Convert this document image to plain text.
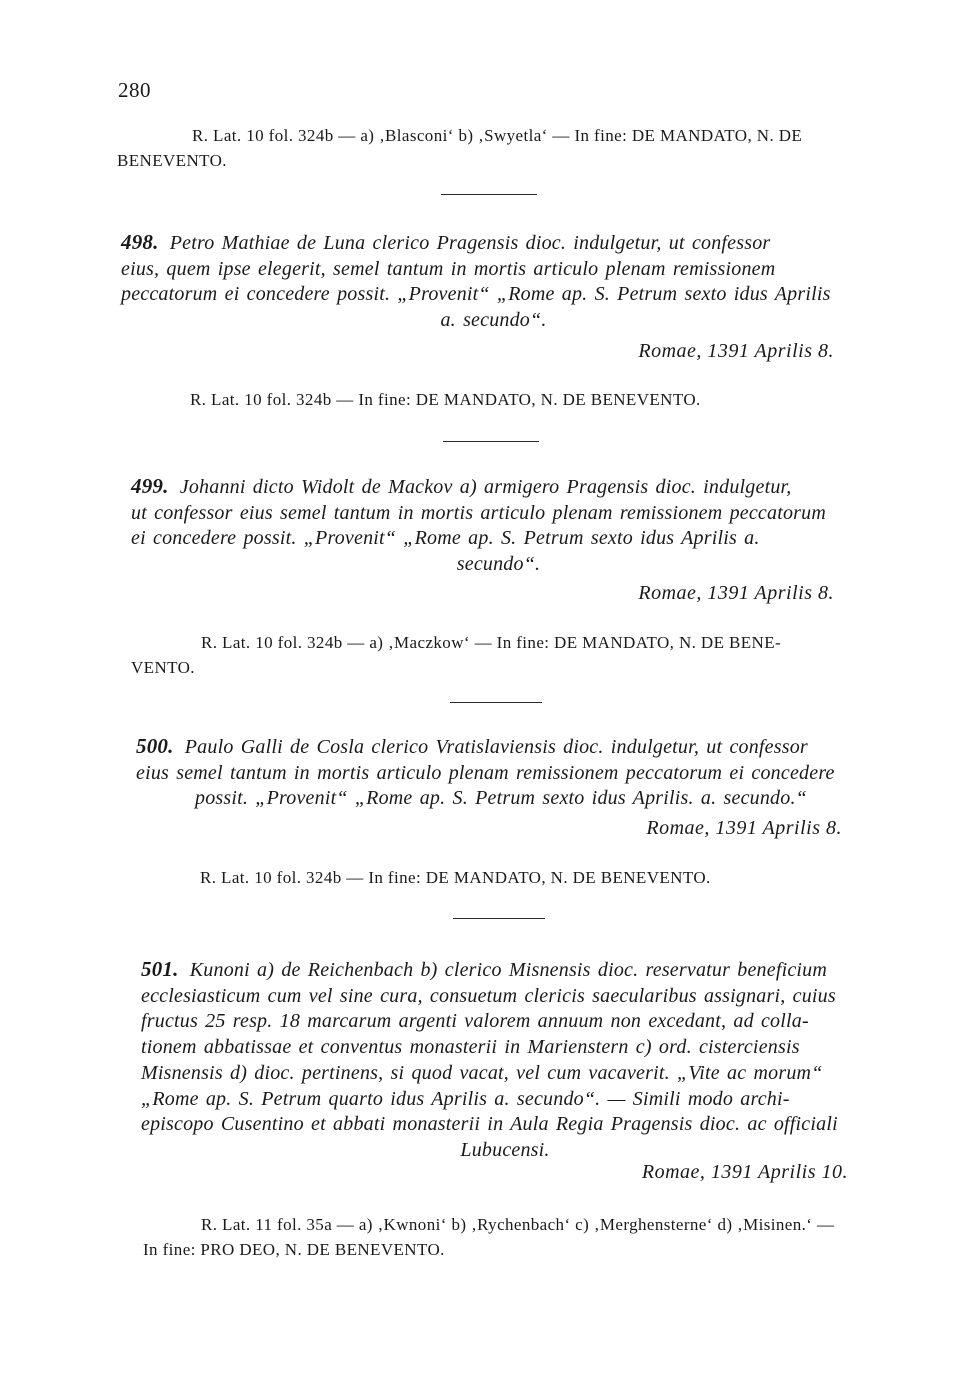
280
R. Lat. 10 fol. 324b — a) ‚Blasconi‘ b) ‚Swyetla‘ — In fine: DE MANDATO, N. DE
BENEVENTO.
498. Petro Mathiae de Luna clerico Pragensis dioc. indulgetur, ut confessor
eius, quem ipse elegerit, semel tantum in mortis articulo plenam remissionem
peccatorum ei concedere possit. „Provenit“ „Rome ap. S. Petrum sexto idus Aprilis
a. secundo“.
Romae, 1391 Aprilis 8.
R. Lat. 10 fol. 324b — In fine: DE MANDATO, N. DE BENEVENTO.
499. Johanni dicto Widolt de Mackov a) armigero Pragensis dioc. indulgetur,
ut confessor eius semel tantum in mortis articulo plenam remissionem peccatorum
ei concedere possit. „Provenit“ „Rome ap. S. Petrum sexto idus Aprilis a.
secundo“.
Romae, 1391 Aprilis 8.
R. Lat. 10 fol. 324b — a) ‚Maczkow‘ — In fine: DE MANDATO, N. DE BENE-
VENTO.
500. Paulo Galli de Cosla clerico Vratislaviensis dioc. indulgetur, ut confessor
eius semel tantum in mortis articulo plenam remissionem peccatorum ei concedere
possit. „Provenit“ „Rome ap. S. Petrum sexto idus Aprilis. a. secundo.“
Romae, 1391 Aprilis 8.
R. Lat. 10 fol. 324b — In fine: DE MANDATO, N. DE BENEVENTO.
501. Kunoni a) de Reichenbach b) clerico Misnensis dioc. reservatur beneficium
ecclesiasticum cum vel sine cura, consuetum clericis saecularibus assignari, cuius
fructus 25 resp. 18 marcarum argenti valorem annuum non excedant, ad colla-
tionem abbatissae et conventus monasterii in Marienstern c) ord. cisterciensis
Misnensis d) dioc. pertinens, si quod vacat, vel cum vacaverit. „Vite ac morum“
„Rome ap. S. Petrum quarto idus Aprilis a. secundo“. — Simili modo archi-
episcopo Cusentino et abbati monasterii in Aula Regia Pragensis dioc. ac officiali
Lubucensi.
Romae, 1391 Aprilis 10.
R. Lat. 11 fol. 35a — a) ‚Kwnoni‘ b) ‚Rychenbach‘ c) ‚Merghensterne‘ d) ‚Misinen.‘ —
In fine: PRO DEO, N. DE BENEVENTO.
